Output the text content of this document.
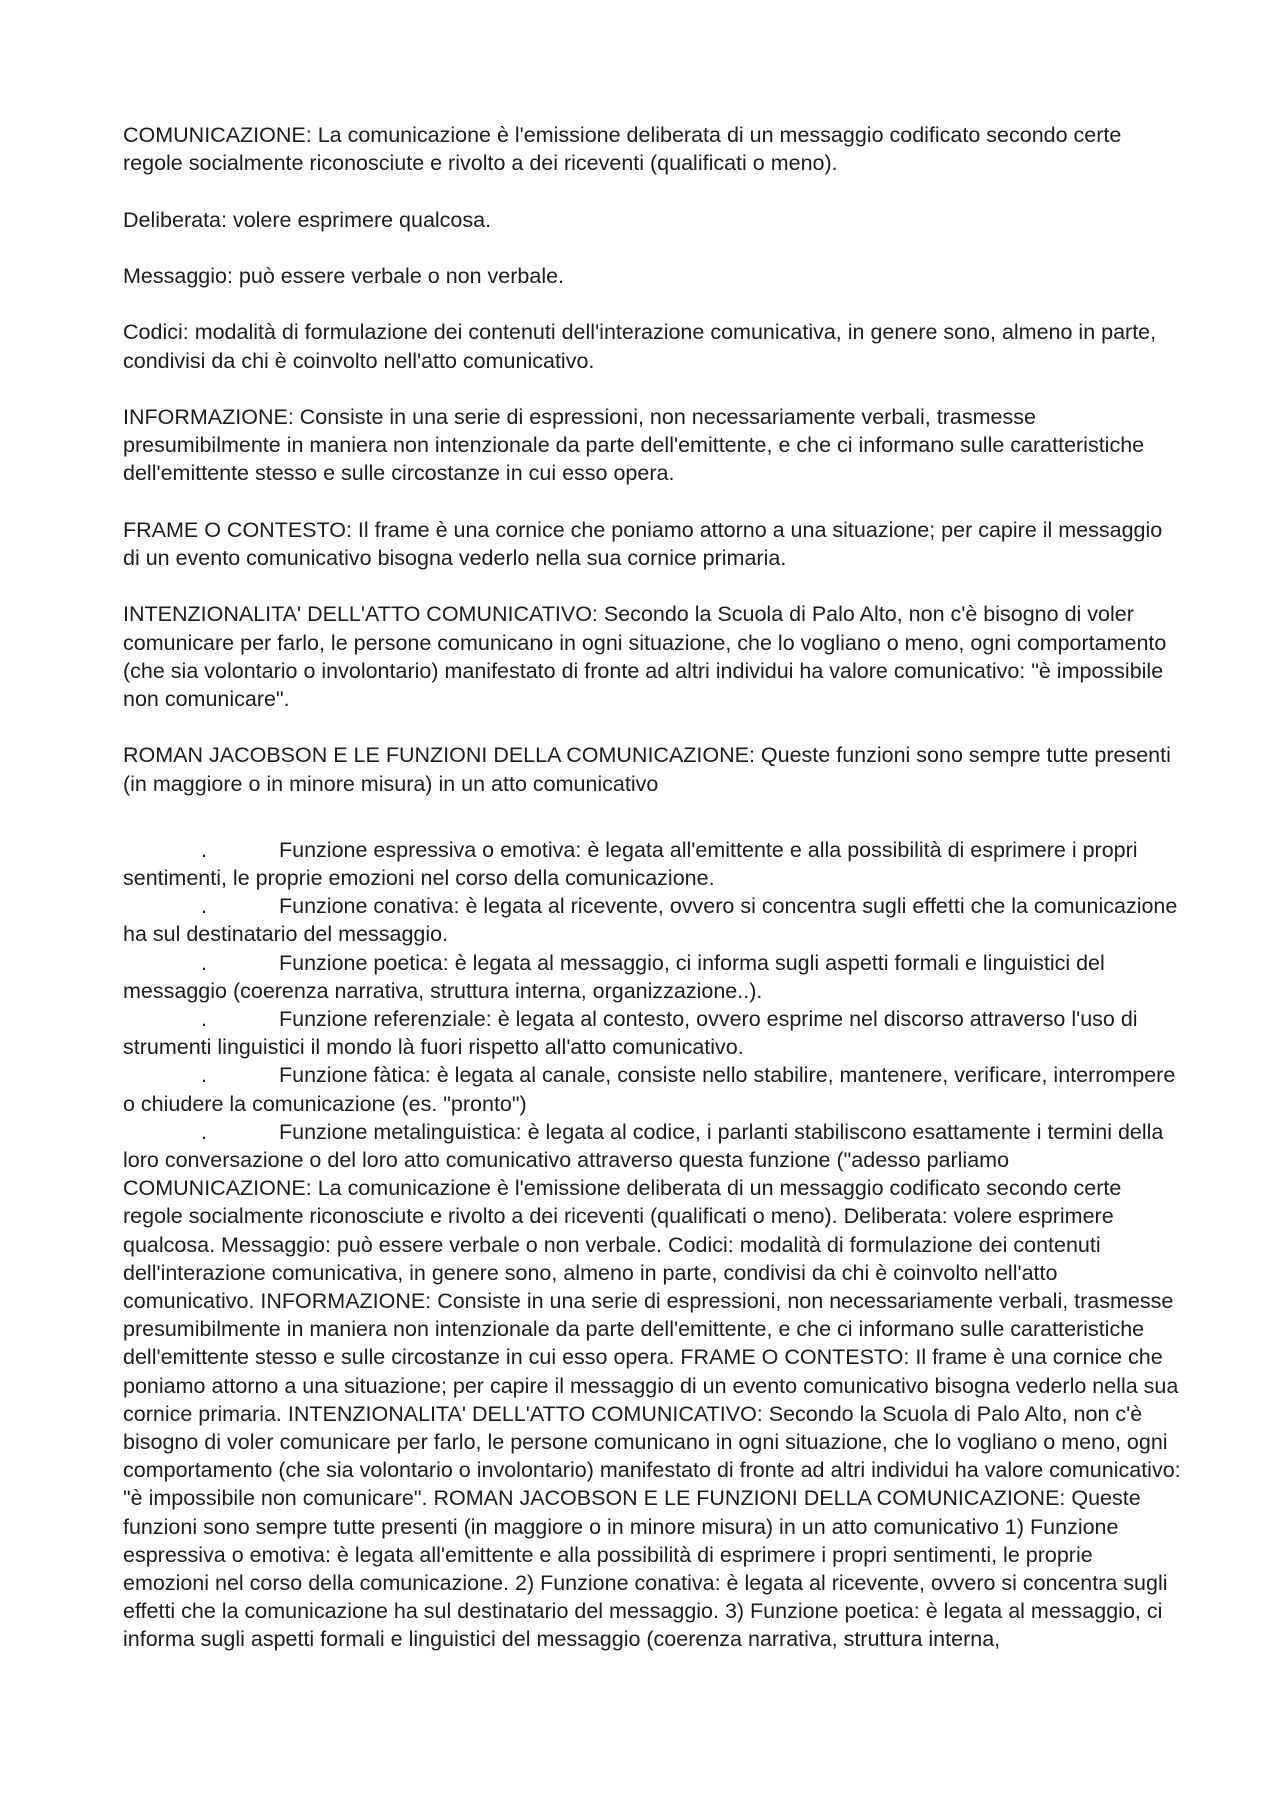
COMUNICAZIONE: La comunicazione è l'emissione deliberata di un messaggio codificato secondo certe regole socialmente riconosciute e rivolto a dei riceventi (qualificati o meno).

Deliberata: volere esprimere qualcosa.

Messaggio: può essere verbale o non verbale.

Codici: modalità di formulazione dei contenuti dell'interazione comunicativa, in genere sono, almeno in parte, condivisi da chi è coinvolto nell'atto comunicativo.

INFORMAZIONE: Consiste in una serie di espressioni, non necessariamente verbali, trasmesse presumibilmente in maniera non intenzionale da parte dell'emittente, e che ci informano sulle caratteristiche dell'emittente stesso e sulle circostanze in cui esso opera.

FRAME O CONTESTO: Il frame è una cornice che poniamo attorno a una situazione; per capire il messaggio di un evento comunicativo bisogna vederlo nella sua cornice primaria.

INTENZIONALITA' DELL'ATTO COMUNICATIVO: Secondo la Scuola di Palo Alto, non c'è bisogno di voler comunicare per farlo, le persone comunicano in ogni situazione, che lo vogliano o meno, ogni comportamento (che sia volontario o involontario) manifestato di fronte ad altri individui ha valore comunicativo: "è impossibile non comunicare".

ROMAN JACOBSON E LE FUNZIONI DELLA COMUNICAZIONE: Queste funzioni sono sempre tutte presenti (in maggiore o in minore misura) in un atto comunicativo

.	Funzione espressiva o emotiva: è legata all'emittente e alla possibilità di esprimere i propri sentimenti, le proprie emozioni nel corso della comunicazione.
.	Funzione conativa: è legata al ricevente, ovvero si concentra sugli effetti che la comunicazione ha sul destinatario del messaggio.
.	Funzione poetica: è legata al messaggio, ci informa sugli aspetti formali e linguistici del messaggio (coerenza narrativa, struttura interna, organizzazione..).
.	Funzione referenziale: è legata al contesto, ovvero esprime nel discorso attraverso l'uso di strumenti linguistici il mondo là fuori rispetto all'atto comunicativo.
.	Funzione fàtica: è legata al canale, consiste nello stabilire, mantenere, verificare, interrompere o chiudere la comunicazione (es. "pronto")
.	Funzione metalinguistica: è legata al codice, i parlanti stabiliscono esattamente i termini della loro conversazione o del loro atto comunicativo attraverso questa funzione ("adesso parliamo COMUNICAZIONE: La comunicazione è l'emissione deliberata di un messaggio codificato secondo certe regole socialmente riconosciute e rivolto a dei riceventi (qualificati o meno). Deliberata: volere esprimere qualcosa. Messaggio: può essere verbale o non verbale. Codici: modalità di formulazione dei contenuti dell'interazione comunicativa, in genere sono, almeno in parte, condivisi da chi è coinvolto nell'atto comunicativo. INFORMAZIONE: Consiste in una serie di espressioni, non necessariamente verbali, trasmesse presumibilmente in maniera non intenzionale da parte dell'emittente, e che ci informano sulle caratteristiche dell'emittente stesso e sulle circostanze in cui esso opera. FRAME O CONTESTO: Il frame è una cornice che poniamo attorno a una situazione; per capire il messaggio di un evento comunicativo bisogna vederlo nella sua cornice primaria. INTENZIONALITA' DELL'ATTO COMUNICATIVO: Secondo la Scuola di Palo Alto, non c'è bisogno di voler comunicare per farlo, le persone comunicano in ogni situazione, che lo vogliano o meno, ogni comportamento (che sia volontario o involontario) manifestato di fronte ad altri individui ha valore comunicativo: "è impossibile non comunicare". ROMAN JACOBSON E LE FUNZIONI DELLA COMUNICAZIONE: Queste funzioni sono sempre tutte presenti (in maggiore o in minore misura) in un atto comunicativo 1) Funzione espressiva o emotiva: è legata all'emittente e alla possibilità di esprimere i propri sentimenti, le proprie emozioni nel corso della comunicazione. 2) Funzione conativa: è legata al ricevente, ovvero si concentra sugli effetti che la comunicazione ha sul destinatario del messaggio. 3) Funzione poetica: è legata al messaggio, ci informa sugli aspetti formali e linguistici del messaggio (coerenza narrativa, struttura interna,
